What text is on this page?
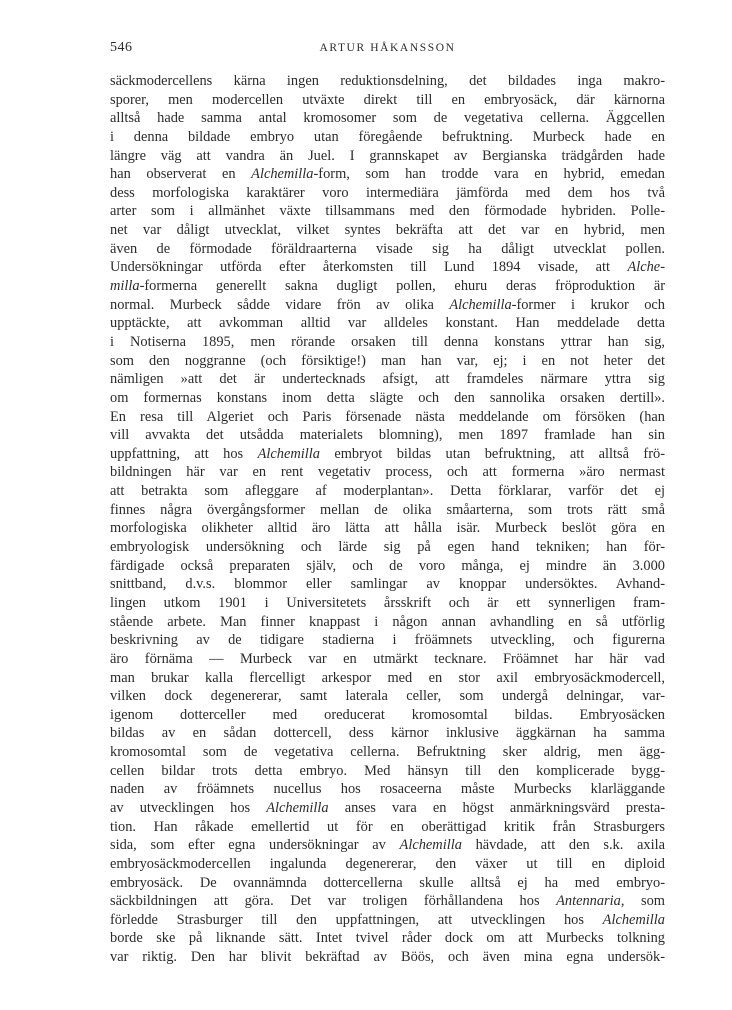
546	ARTUR HÅKANSSON
säckmodercellens kärna ingen reduktionsdelning, det bildades inga makro-
sporer, men modercellen utväxte direkt till en embryosäck, där kärnorna
alltså hade samma antal kromosomer som de vegetativa cellerna. Äggcellen
i denna bildade embryo utan föregående befruktning. Murbeck hade en
längre väg att vandra än Juel. I grannskapet av Bergianska trädgården hade
han observerat en Alchemilla-form, som han trodde vara en hybrid, emedan
dess morfologiska karaktärer voro intermediära jämförda med dem hos två
arter som i allmänhet växte tillsammans med den förmodade hybriden. Polle-
net var dåligt utvecklat, vilket syntes bekräfta att det var en hybrid, men
även de förmodade föräldraarterna visade sig ha dåligt utvecklat pollen.
Undersökningar utförda efter återkomsten till Lund 1894 visade, att Alche-
milla-formerna generellt sakna dugligt pollen, ehuru deras fröproduktion är
normal. Murbeck sådde vidare frön av olika Alchemilla-former i krukor och
upptäckte, att avkomman alltid var alldeles konstant. Han meddelade detta
i Notiserna 1895, men rörande orsaken till denna konstans yttrar han sig,
som den noggranne (och försiktige!) man han var, ej; i en not heter det
nämligen »att det är undertecknads afsigt, att framdeles närmare yttra sig
om formernas konstans inom detta slägte och den sannolika orsaken dertill».
En resa till Algeriet och Paris försenade nästa meddelande om försöken (han
vill avvakta det utsådda materialets blomning), men 1897 framlade han sin
uppfattning, att hos Alchemilla embryot bildas utan befruktning, att alltså frö-
bildningen här var en rent vegetativ process, och att formerna »äro nermast
att betrakta som afleggare af moderplantan». Detta förklarar, varför det ej
finnes några övergångsformer mellan de olika småarterna, som trots rätt små
morfologiska olikheter alltid äro lätta att hålla isär. Murbeck beslöt göra en
embryologisk undersökning och lärde sig på egen hand tekniken; han för-
färdigade också preparaten själv, och de voro många, ej mindre än 3.000
snittband, d.v.s. blommor eller samlingar av knoppar undersöktes. Avhand-
lingen utkom 1901 i Universitetets årsskrift och är ett synnerligen fram-
stående arbete. Man finner knappast i någon annan avhandling en så utförlig
beskrivning av de tidigare stadierna i fröämnets utveckling, och figurerna
äro förnäma — Murbeck var en utmärkt tecknare. Fröämnet har här vad
man brukar kalla flercelligt arkespor med en stor axil embryosäckmodercell,
vilken dock degenererar, samt laterala celler, som undergå delningar, var-
igenom dotterceller med oreducerat kromosomtal bildas. Embryosäcken
bildas av en sådan dottercell, dess kärnor inklusive äggkärnan ha samma
kromosomtal som de vegetativa cellerna. Befruktning sker aldrig, men ägg-
cellen bildar trots detta embryo. Med hänsyn till den komplicerade bygg-
naden av fröämnets nucellus hos rosaceerna måste Murbecks klarläggande
av utvecklingen hos Alchemilla anses vara en högst anmärkningsvärd presta-
tion. Han råkade emellertid ut för en oberättigad kritik från Strasburgers
sida, som efter egna undersökningar av Alchemilla hävdade, att den s.k. axila
embryosäckmodercellen ingalunda degenererar, den växer ut till en diploid
embryosäck. De ovannämnda dottercellerna skulle alltså ej ha med embryo-
säckbildningen att göra. Det var troligen förhållandena hos Antennaria, som
förledde Strasburger till den uppfattningen, att utvecklingen hos Alchemilla
borde ske på liknande sätt. Intet tvivel råder dock om att Murbecks tolkning
var riktig. Den har blivit bekräftad av Böös, och även mina egna undersök-
